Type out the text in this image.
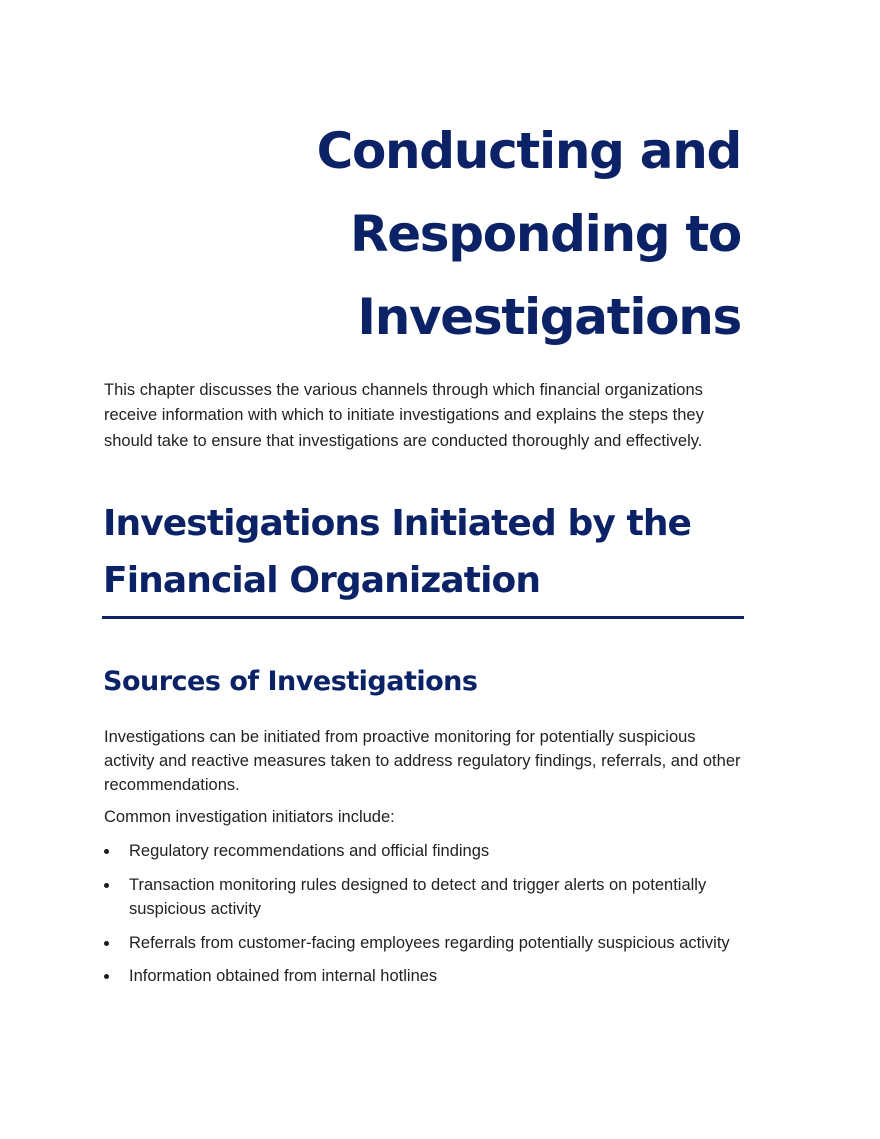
Conducting and
Responding to
Investigations

This chapter discusses the various channels through which financial organizations receive information with which to initiate investigations and explains the steps they should take to ensure that investigations are conducted thoroughly and effectively.

Investigations Initiated by the
Financial Organization
Sources of Investigations

Investigations can be initiated from proactive monitoring for potentially suspicious activity and reactive measures taken to address regulatory findings, referrals, and other recommendations.

Common investigation initiators include:

Regulatory recommendations and official findings
Transaction monitoring rules designed to detect and trigger alerts on potentially suspicious activity
Referrals from customer-facing employees regarding potentially suspicious activity
Information obtained from internal hotlines
